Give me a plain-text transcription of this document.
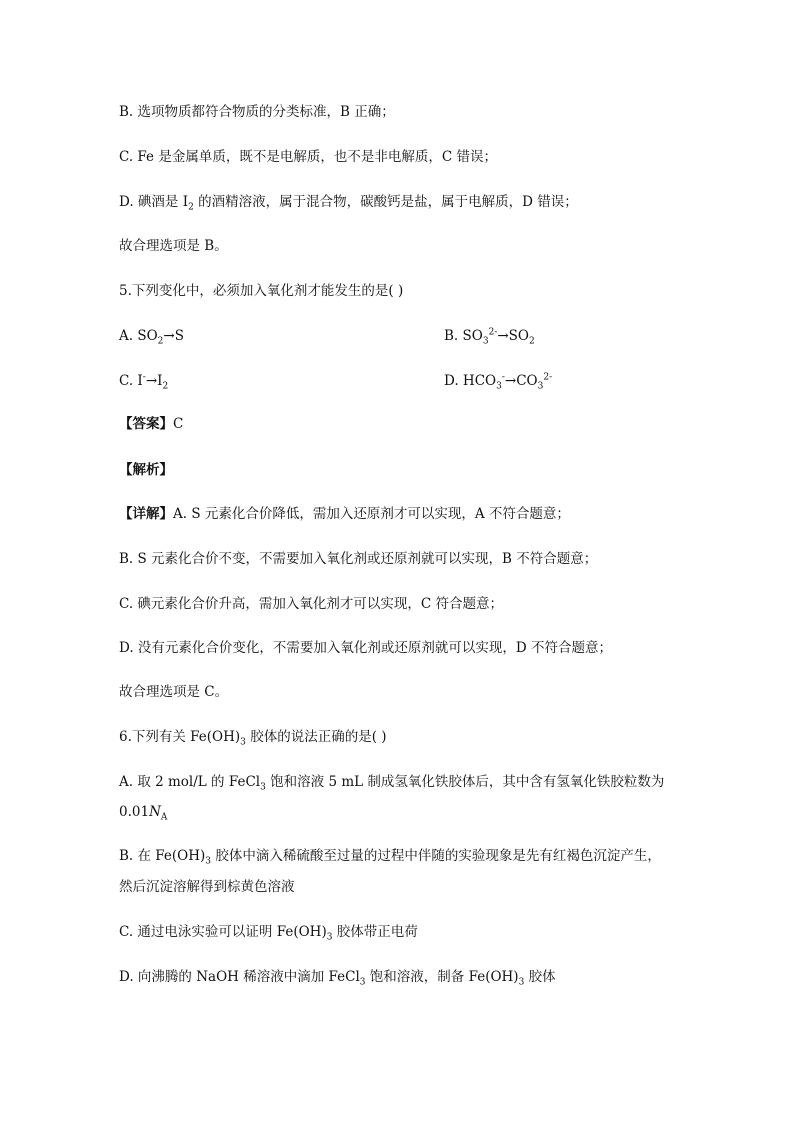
B. 选项物质都符合物质的分类标准，B 正确；
C. Fe 是金属单质，既不是电解质，也不是非电解质，C 错误；
D. 碘酒是 $I_2$ 的酒精溶液，属于混合物，碳酸钙是盐，属于电解质，D 错误；
故合理选项是 B。
5.下列变化中，必须加入氧化剂才能发生的是( )
A. $SO_2\to S$	B. $SO_3^{2-}\to SO_2$
C. $I^-\to I_2$	D. $HCO_3^-\to CO_3^{2-}$
【答案】C
【解析】
【详解】A. S 元素化合价降低，需加入还原剂才可以实现，A 不符合题意；
B. S 元素化合价不变，不需要加入氧化剂或还原剂就可以实现，B 不符合题意；
C. 碘元素化合价升高，需加入氧化剂才可以实现，C 符合题意；
D. 没有元素化合价变化，不需要加入氧化剂或还原剂就可以实现，D 不符合题意；
故合理选项是 C。
6.下列有关 $Fe(OH)_3$ 胶体的说法正确的是( )
A. 取 2 mol/L 的 FeCl$_3$ 饱和溶液 5 mL 制成氢氧化铁胶体后，其中含有氢氧化铁胶粒数为
$0.01N_A$
B. 在 $Fe(OH)_3$ 胶体中滴入稀硫酸至过量的过程中伴随的实验现象是先有红褐色沉淀产生，
然后沉淀溶解得到棕黄色溶液
C. 通过电泳实验可以证明 $Fe(OH)_3$ 胶体带正电荷
D. 向沸腾的 NaOH 稀溶液中滴加 FeCl$_3$ 饱和溶液，制备 $Fe(OH)_3$ 胶体
